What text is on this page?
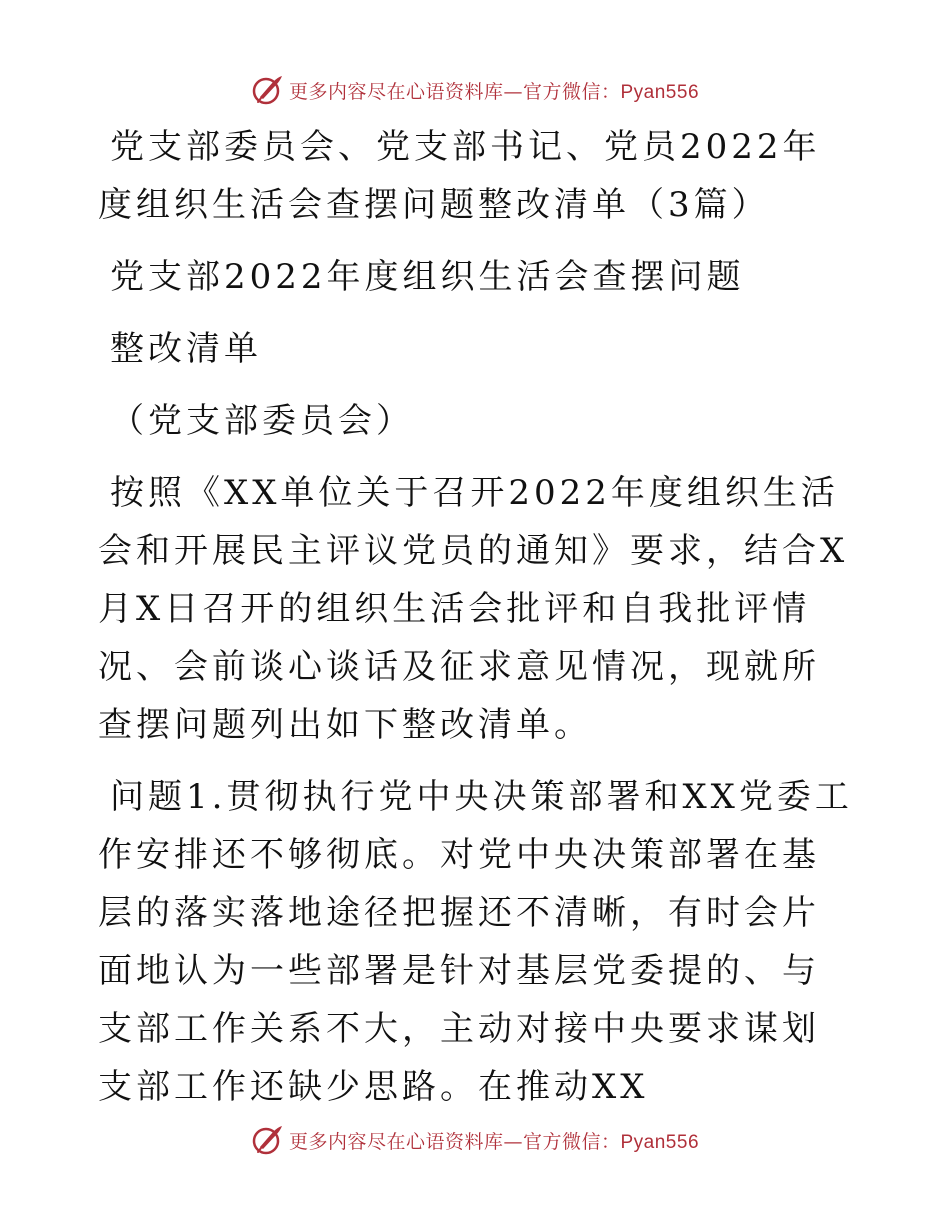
更多内容尽在心语资料库—官方微信：Pyan556

党支部委员会、党支部书记、党员2022年度组织生活会查摆问题整改清单（3篇）

党支部2022年度组织生活会查摆问题

整改清单

（党支部委员会）

按照《XX单位关于召开2022年度组织生活会和开展民主评议党员的通知》要求，结合X月X日召开的组织生活会批评和自我批评情况、会前谈心谈话及征求意见情况，现就所查摆问题列出如下整改清单。

问题1.贯彻执行党中央决策部署和XX党委工作安排还不够彻底。对党中央决策部署在基层的落实落地途径把握还不清晰，有时会片面地认为一些部署是针对基层党委提的、与支部工作关系不大，主动对接中央要求谋划支部工作还缺少思路。在推动XX

更多内容尽在心语资料库—官方微信：Pyan556
